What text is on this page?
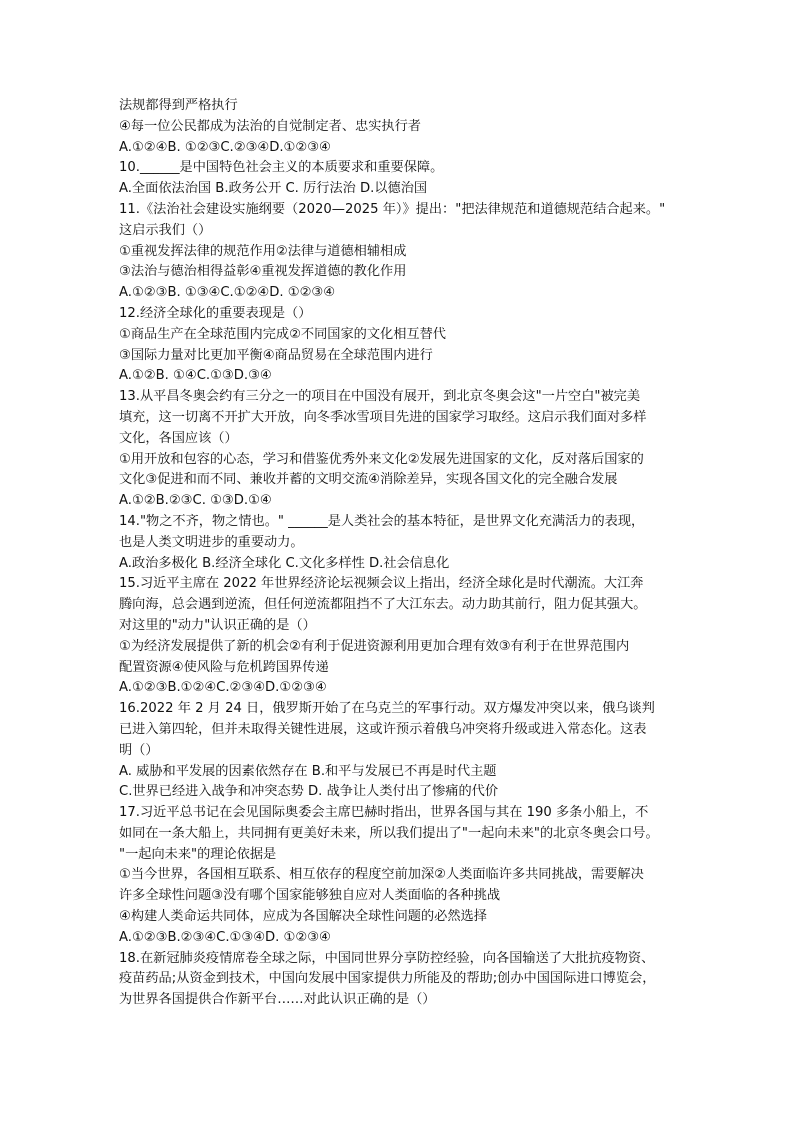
法规都得到严格执行
④每一位公民都成为法治的自觉制定者、忠实执行者
A.①②④B. ①②③C.②③④D.①②③④
10.______是中国特色社会主义的本质要求和重要保障。
A.全面依法治国 B.政务公开 C. 厉行法治 D.以德治国
11.《法治社会建设实施纲要（2020—2025 年）》提出："把法律规范和道德规范结合起来。"
这启示我们（）
①重视发挥法律的规范作用②法律与道德相辅相成
③法治与德治相得益彰④重视发挥道德的教化作用
A.①②③B. ①③④C.①②④D. ①②③④
12.经济全球化的重要表现是（）
①商品生产在全球范围内完成②不同国家的文化相互替代
③国际力量对比更加平衡④商品贸易在全球范围内进行
A.①②B. ①④C.①③D.③④
13.从平昌冬奥会约有三分之一的项目在中国没有展开，到北京冬奥会这"一片空白"被完美
填充，这一切离不开扩大开放，向冬季冰雪项目先进的国家学习取经。这启示我们面对多样
文化，各国应该（）
①用开放和包容的心态，学习和借鉴优秀外来文化②发展先进国家的文化，反对落后国家的
文化③促进和而不同、兼收并蓄的文明交流④消除差异，实现各国文化的完全融合发展
A.①②B.②③C. ①③D.①④
14."物之不齐，物之情也。" ______是人类社会的基本特征，是世界文化充满活力的表现，
也是人类文明进步的重要动力。
A.政治多极化 B.经济全球化 C.文化多样性 D.社会信息化
15.习近平主席在 2022 年世界经济论坛视频会议上指出，经济全球化是时代潮流。大江奔
腾向海，总会遇到逆流，但任何逆流都阻挡不了大江东去。动力助其前行，阻力促其强大。
对这里的"动力"认识正确的是（）
①为经济发展提供了新的机会②有利于促进资源利用更加合理有效③有利于在世界范围内
配置资源④使风险与危机跨国界传递
A.①②③B.①②④C.②③④D.①②③④
16.2022 年 2 月 24 日，俄罗斯开始了在乌克兰的军事行动。双方爆发冲突以来，俄乌谈判
已进入第四轮，但并未取得关键性进展，这或许预示着俄乌冲突将升级或进入常态化。这表
明（）
A. 威胁和平发展的因素依然存在 B.和平与发展已不再是时代主题
C.世界已经进入战争和冲突态势 D. 战争让人类付出了惨痛的代价
17.习近平总书记在会见国际奥委会主席巴赫时指出，世界各国与其在 190 多条小船上，不
如同在一条大船上，共同拥有更美好未来，所以我们提出了"一起向未来"的北京冬奥会口号。
"一起向未来"的理论依据是
①当今世界，各国相互联系、相互依存的程度空前加深②人类面临许多共同挑战，需要解决
许多全球性问题③没有哪个国家能够独自应对人类面临的各种挑战
④构建人类命运共同体，应成为各国解决全球性问题的必然选择
A.①②③B.②③④C.①③④D. ①②③④
18.在新冠肺炎疫情席卷全球之际，中国同世界分享防控经验，向各国输送了大批抗疫物资、
疫苗药品;从资金到技术，中国向发展中国家提供力所能及的帮助;创办中国国际进口博览会，
为世界各国提供合作新平台……对此认识正确的是（）
